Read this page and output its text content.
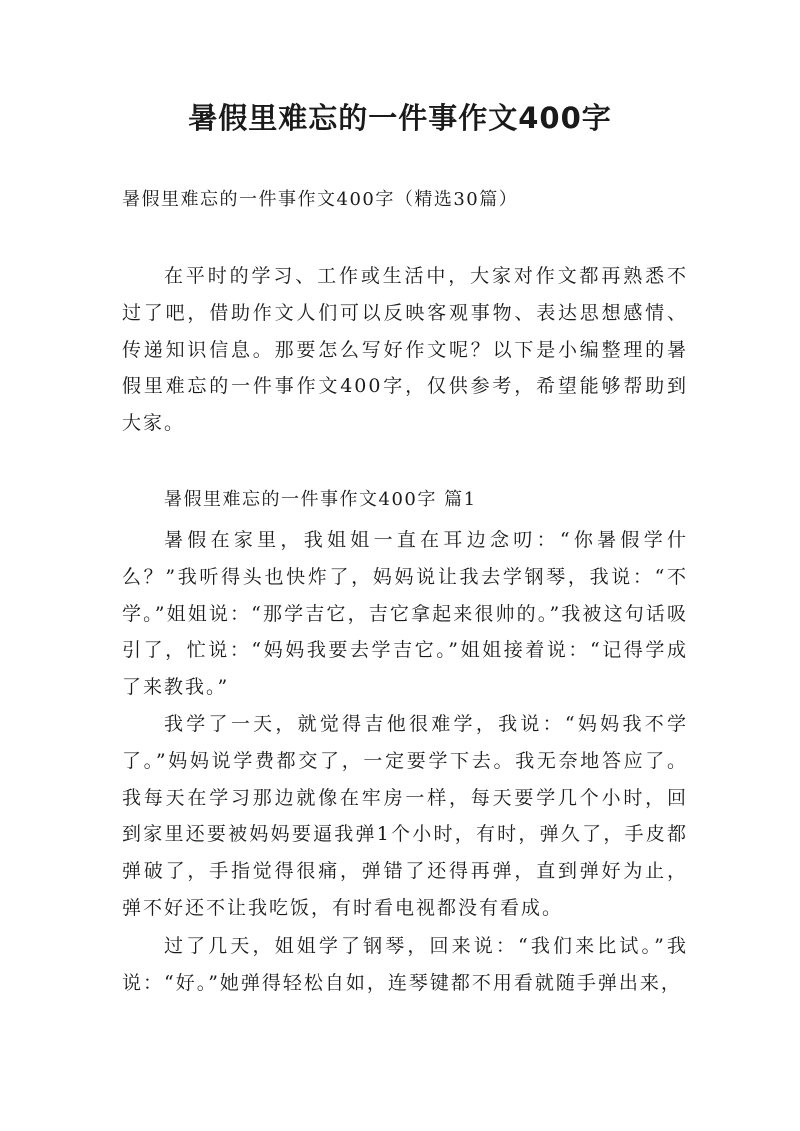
暑假里难忘的一件事作文400字

暑假里难忘的一件事作文400字（精选30篇）

在平时的学习、工作或生活中，大家对作文都再熟悉不过了吧，借助作文人们可以反映客观事物、表达思想感情、传递知识信息。那要怎么写好作文呢？以下是小编整理的暑假里难忘的一件事作文400字，仅供参考，希望能够帮助到大家。

暑假里难忘的一件事作文400字 篇1

暑假在家里，我姐姐一直在耳边念叨：“你暑假学什么？”我听得头也快炸了，妈妈说让我去学钢琴，我说：“不学。”姐姐说：“那学吉它，吉它拿起来很帅的。”我被这句话吸引了，忙说：“妈妈我要去学吉它。”姐姐接着说：“记得学成了来教我。”

我学了一天，就觉得吉他很难学，我说：“妈妈我不学了。”妈妈说学费都交了，一定要学下去。我无奈地答应了。我每天在学习那边就像在牢房一样，每天要学几个小时，回到家里还要被妈妈要逼我弹1个小时，有时，弹久了，手皮都弹破了，手指觉得很痛，弹错了还得再弹，直到弹好为止，弹不好还不让我吃饭，有时看电视都没有看成。

过了几天，姐姐学了钢琴，回来说：“我们来比试。”我说：“好。”她弹得轻松自如，连琴键都不用看就随手弹出来，
